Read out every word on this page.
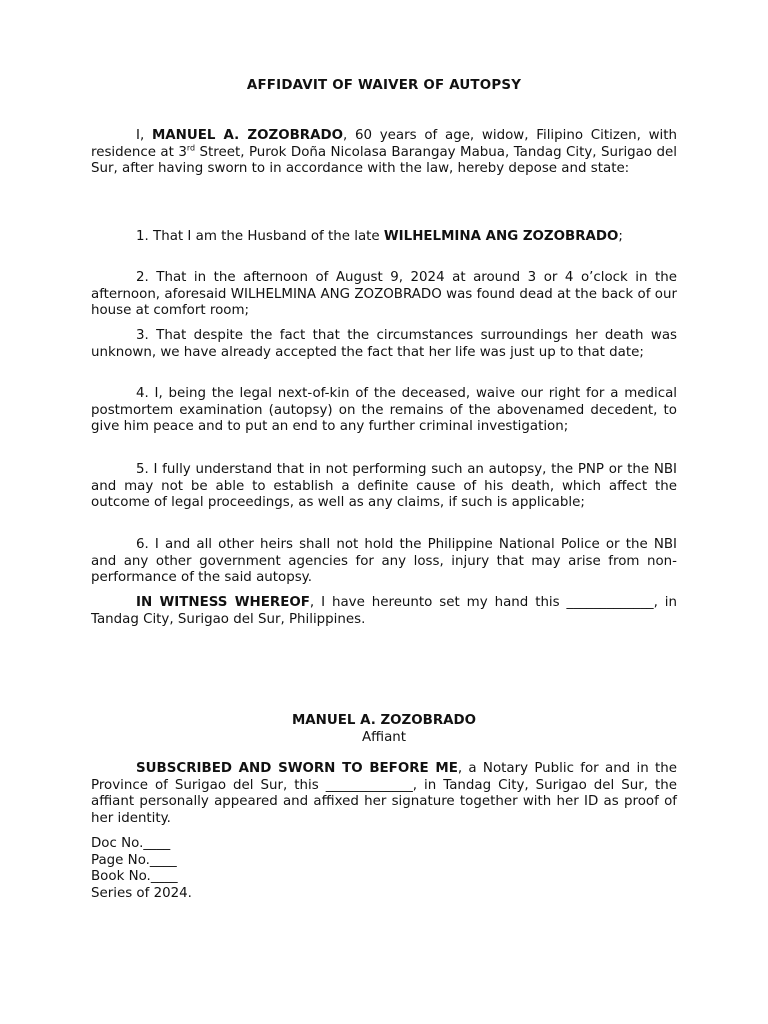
AFFIDAVIT OF WAIVER OF AUTOPSY

I, MANUEL A. ZOZOBRADO, 60 years of age, widow, Filipino Citizen, with residence at 3rd Street, Purok Doña Nicolasa Barangay Mabua, Tandag City, Surigao del Sur, after having sworn to in accordance with the law, hereby depose and state:

1. That I am the Husband of the late WILHELMINA ANG ZOZOBRADO;

2. That in the afternoon of August 9, 2024 at around 3 or 4 o’clock in the afternoon, aforesaid WILHELMINA ANG ZOZOBRADO was found dead at the back of our house at comfort room;

3. That despite the fact that the circumstances surroundings her death was unknown, we have already accepted the fact that her life was just up to that date;

4. I, being the legal next-of-kin of the deceased, waive our right for a medical postmortem examination (autopsy) on the remains of the abovenamed decedent, to give him peace and to put an end to any further criminal investigation;

5. I fully understand that in not performing such an autopsy, the PNP or the NBI and may not be able to establish a definite cause of his death, which affect the outcome of legal proceedings, as well as any claims, if such is applicable;

6. I and all other heirs shall not hold the Philippine National Police or the NBI and any other government agencies for any loss, injury that may arise from non-performance of the said autopsy.

IN WITNESS WHEREOF, I have hereunto set my hand this _____________, in Tandag City, Surigao del Sur, Philippines.

MANUEL A. ZOZOBRADO
Affiant

SUBSCRIBED AND SWORN TO BEFORE ME, a Notary Public for and in the Province of Surigao del Sur, this _____________, in Tandag City, Surigao del Sur, the affiant personally appeared and affixed her signature together with her ID as proof of her identity.

Doc No.____
Page No.____
Book No.____
Series of 2024.
